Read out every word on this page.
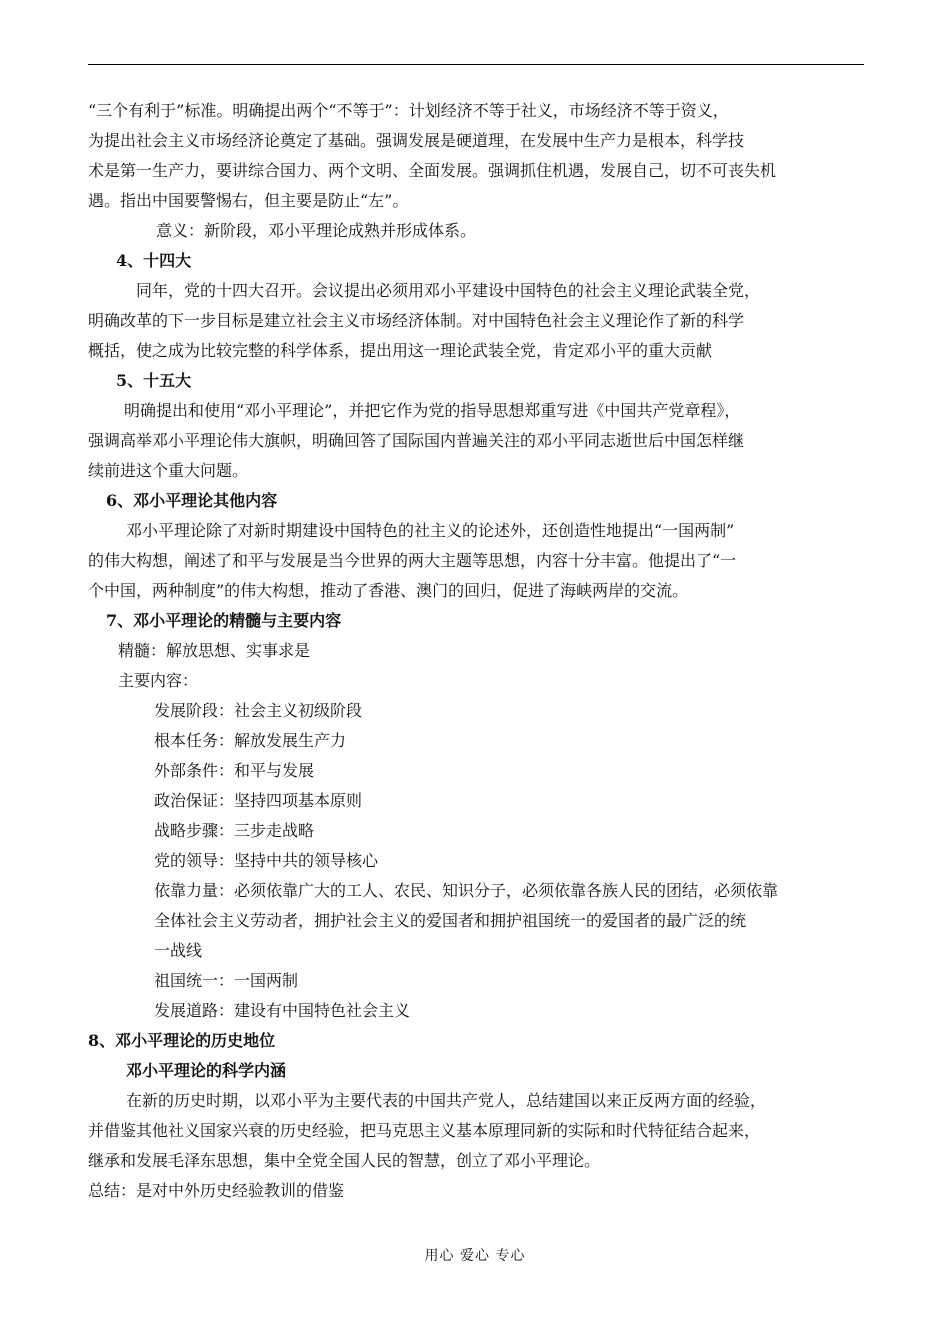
“三个有利于”标准。明确提出两个“不等于”：计划经济不等于社义，市场经济不等于资义，
为提出社会主义市场经济论奠定了基础。强调发展是硬道理，在发展中生产力是根本，科学技
术是第一生产力，要讲综合国力、两个文明、全面发展。强调抓住机遇，发展自己，切不可丧失机
遇。指出中国要警惕右，但主要是防止“左”。
意义：新阶段，邓小平理论成熟并形成体系。
4、十四大
同年，党的十四大召开。会议提出必须用邓小平建设中国特色的社会主义理论武装全党，
明确改革的下一步目标是建立社会主义市场经济体制。对中国特色社会主义理论作了新的科学
概括，使之成为比较完整的科学体系，提出用这一理论武装全党，肯定邓小平的重大贡献
5、十五大
明确提出和使用“邓小平理论”，并把它作为党的指导思想郑重写进《中国共产党章程》，
强调高举邓小平理论伟大旗帜，明确回答了国际国内普遍关注的邓小平同志逝世后中国怎样继
续前进这个重大问题。
6、邓小平理论其他内容
邓小平理论除了对新时期建设中国特色的社主义的论述外，还创造性地提出“一国两制”
的伟大构想，阐述了和平与发展是当今世界的两大主题等思想，内容十分丰富。他提出了“一
个中国，两种制度”的伟大构想，推动了香港、澳门的回归，促进了海峡两岸的交流。
7、邓小平理论的精髓与主要内容
精髓：解放思想、实事求是
主要内容：
发展阶段：社会主义初级阶段
根本任务：解放发展生产力
外部条件：和平与发展
政治保证：坚持四项基本原则
战略步骤：三步走战略
党的领导：坚持中共的领导核心
依靠力量：必须依靠广大的工人、农民、知识分子，必须依靠各族人民的团结，必须依靠
全体社会主义劳动者，拥护社会主义的爱国者和拥护祖国统一的爱国者的最广泛的统
一战线
祖国统一：一国两制
发展道路：建设有中国特色社会主义
8、邓小平理论的历史地位
邓小平理论的科学内涵
在新的历史时期，以邓小平为主要代表的中国共产党人，总结建国以来正反两方面的经验，
并借鉴其他社义国家兴衰的历史经验，把马克思主义基本原理同新的实际和时代特征结合起来，
继承和发展毛泽东思想，集中全党全国人民的智慧，创立了邓小平理论。
总结：是对中外历史经验教训的借鉴
用心 爱心 专心
